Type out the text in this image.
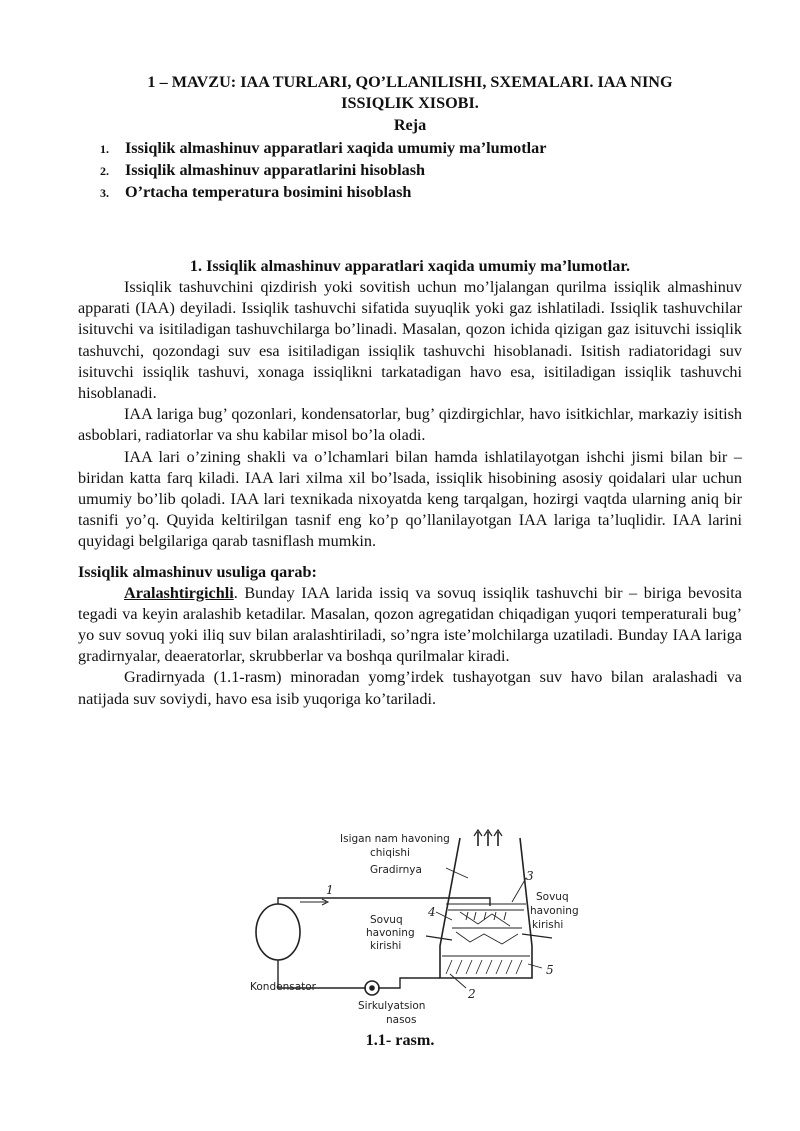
1 – MAVZU: IAA TURLARI, QO’LLANILISHI, SXEMALARI. IAA NING
ISSIQLIK XISOBI.
Reja
1. Issiqlik almashinuv apparatlari xaqida umumiy ma’lumotlar
2. Issiqlik almashinuv apparatlarini hisoblash
3. O’rtacha temperatura bosimini hisoblash
1. Issiqlik almashinuv apparatlari xaqida umumiy ma’lumotlar.

Issiqlik tashuvchini qizdirish yoki sovitish uchun mo’ljalangan qurilma issiqlik almashinuv apparati (IAA) deyiladi. Issiqlik tashuvchi sifatida suyuqlik yoki gaz ishlatiladi. Issiqlik tashuvchilar isituvchi va isitiladigan tashuvchilarga bo’linadi. Masalan, qozon ichida qizigan gaz isituvchi issiqlik tashuvchi, qozondagi suv esa isitiladigan issiqlik tashuvchi hisoblanadi. Isitish radiatoridagi suv isituvchi issiqlik tashuvi, xonaga issiqlikni tarkatadigan havo esa, isitiladigan issiqlik tashuvchi hisoblanadi.

IAA lariga bug’ qozonlari, kondensatorlar, bug’ qizdirgichlar, havo isitkichlar, markaziy isitish asboblari, radiatorlar va shu kabilar misol bo’la oladi.

IAA lari o’zining shakli va o’lchamlari bilan hamda ishlatilayotgan ishchi jismi bilan bir – biridan katta farq kiladi. IAA lari xilma xil bo’lsada, issiqlik hisobining asosiy qoidalari ular uchun umumiy bo’lib qoladi. IAA lari texnikada nixoyatda keng tarqalgan, hozirgi vaqtda ularning aniq bir tasnifi yo’q. Quyida keltirilgan tasnif eng ko’p qo’llanilayotgan IAA lariga ta’luqlidir. IAA larini quyidagi belgilariga qarab tasniflash mumkin.

Issiqlik almashinuv usuliga qarab:

Aralashtirgichli. Bunday IAA larida issiq va sovuq issiqlik tashuvchi bir – biriga bevosita tegadi va keyin aralashib ketadilar. Masalan, qozon agregatidan chiqadigan yuqori temperaturali bug’ yo suv sovuq yoki iliq suv bilan aralashtiriladi, so’ngra iste’molchilarga uzatiladi. Bunday IAA lariga gradirnyalar, deaeratorlar, skrubberlar va boshqa qurilmalar kiradi.

Gradirnyada (1.1-rasm) minoradan yomg’irdek tushayotgan suv havo bilan aralashadi va natijada suv soviydi, havo esa isib yuqoriga ko’tariladi.

Isigan nam havoning
chiqishi
Gradirnya
Sovuq
havoning
kirishi
Sovuq
havoning
kirishi
Kondensator
Sirkulyatsion
nasos
1
2
3
4
5
1.1- rasm.
